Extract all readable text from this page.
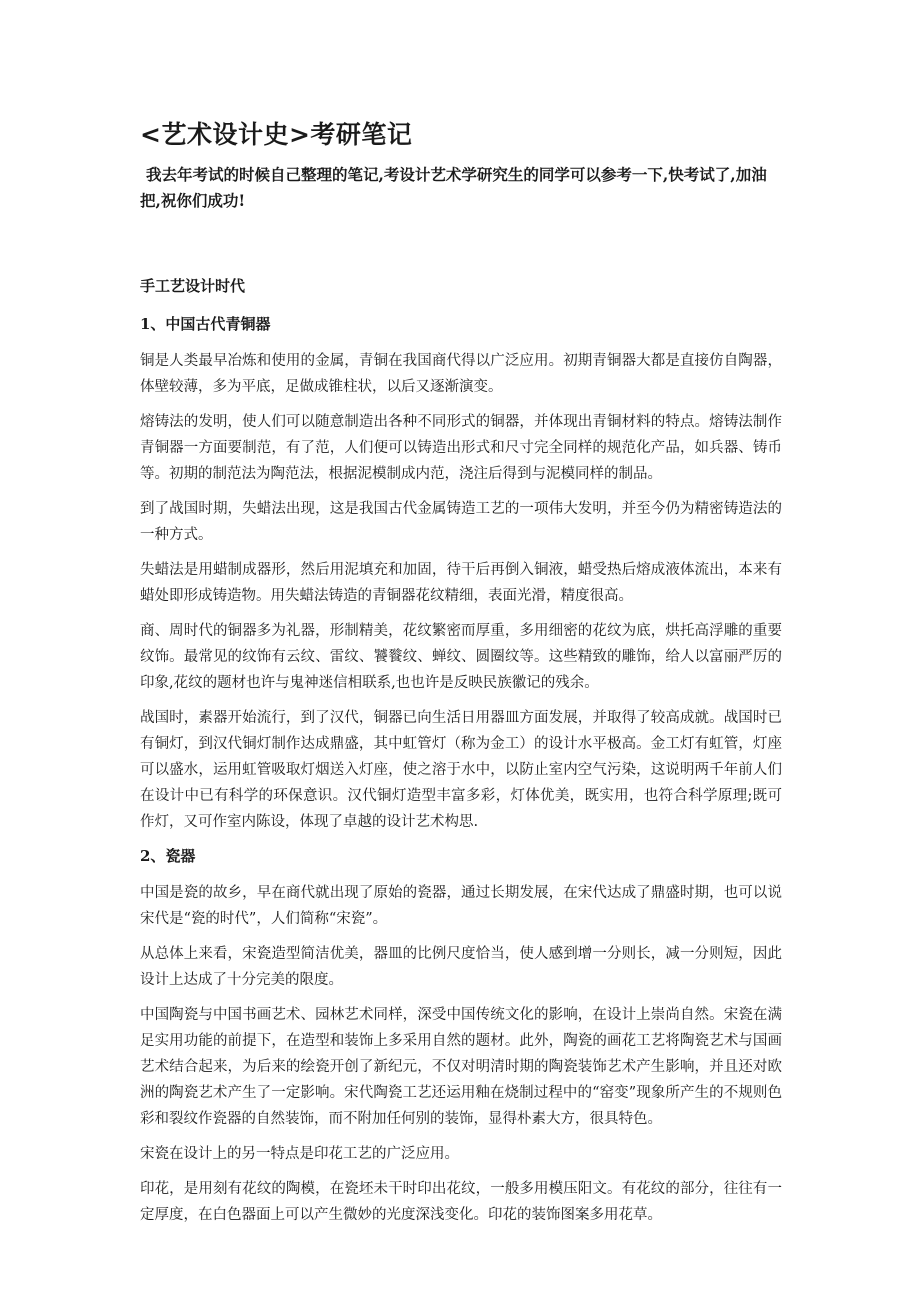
<艺术设计史>考研笔记

我去年考试的时候自己整理的笔记,考设计艺术学研究生的同学可以参考一下,快考试了,加油把,祝你们成功!

手工艺设计时代
1、中国古代青铜器

铜是人类最早冶炼和使用的金属，青铜在我国商代得以广泛应用。初期青铜器大都是直接仿自陶器，体壁较薄，多为平底，足做成锥柱状，以后又逐渐演变。

熔铸法的发明，使人们可以随意制造出各种不同形式的铜器，并体现出青铜材料的特点。熔铸法制作青铜器一方面要制范，有了范，人们便可以铸造出形式和尺寸完全同样的规范化产品，如兵器、铸币等。初期的制范法为陶范法，根据泥模制成内范，浇注后得到与泥模同样的制品。

到了战国时期，失蜡法出现，这是我国古代金属铸造工艺的一项伟大发明，并至今仍为精密铸造法的一种方式。

失蜡法是用蜡制成器形，然后用泥填充和加固，待干后再倒入铜液，蜡受热后熔成液体流出，本来有蜡处即形成铸造物。用失蜡法铸造的青铜器花纹精细，表面光滑，精度很高。

商、周时代的铜器多为礼器，形制精美，花纹繁密而厚重，多用细密的花纹为底，烘托高浮雕的重要纹饰。最常见的纹饰有云纹、雷纹、饕餮纹、蝉纹、圆圈纹等。这些精致的雕饰，给人以富丽严厉的印象,花纹的题材也许与鬼神迷信相联系,也也许是反映民族徽记的残余。

战国时，素器开始流行，到了汉代，铜器已向生活日用器皿方面发展，并取得了较高成就。战国时已有铜灯，到汉代铜灯制作达成鼎盛，其中虹管灯（称为金工）的设计水平极高。金工灯有虹管，灯座可以盛水，运用虹管吸取灯烟送入灯座，使之溶于水中，以防止室内空气污染，这说明两千年前人们在设计中已有科学的环保意识。汉代铜灯造型丰富多彩，灯体优美，既实用，也符合科学原理;既可作灯，又可作室内陈设，体现了卓越的设计艺术构思.

2、瓷器

中国是瓷的故乡，早在商代就出现了原始的瓷器，通过长期发展，在宋代达成了鼎盛时期，也可以说宋代是“瓷的时代”，人们简称“宋瓷”。

从总体上来看，宋瓷造型简洁优美，器皿的比例尺度恰当，使人感到增一分则长，减一分则短，因此设计上达成了十分完美的限度。

中国陶瓷与中国书画艺术、园林艺术同样，深受中国传统文化的影响，在设计上崇尚自然。宋瓷在满足实用功能的前提下，在造型和装饰上多采用自然的题材。此外，陶瓷的画花工艺将陶瓷艺术与国画艺术结合起来，为后来的绘瓷开创了新纪元，不仅对明清时期的陶瓷装饰艺术产生影响，并且还对欧洲的陶瓷艺术产生了一定影响。宋代陶瓷工艺还运用釉在烧制过程中的“窑变”现象所产生的不规则色彩和裂纹作瓷器的自然装饰，而不附加任何别的装饰，显得朴素大方，很具特色。

宋瓷在设计上的另一特点是印花工艺的广泛应用。

印花，是用刻有花纹的陶模，在瓷坯未干时印出花纹，一般多用模压阳文。有花纹的部分，往往有一定厚度，在白色器面上可以产生微妙的光度深浅变化。印花的装饰图案多用花草。
